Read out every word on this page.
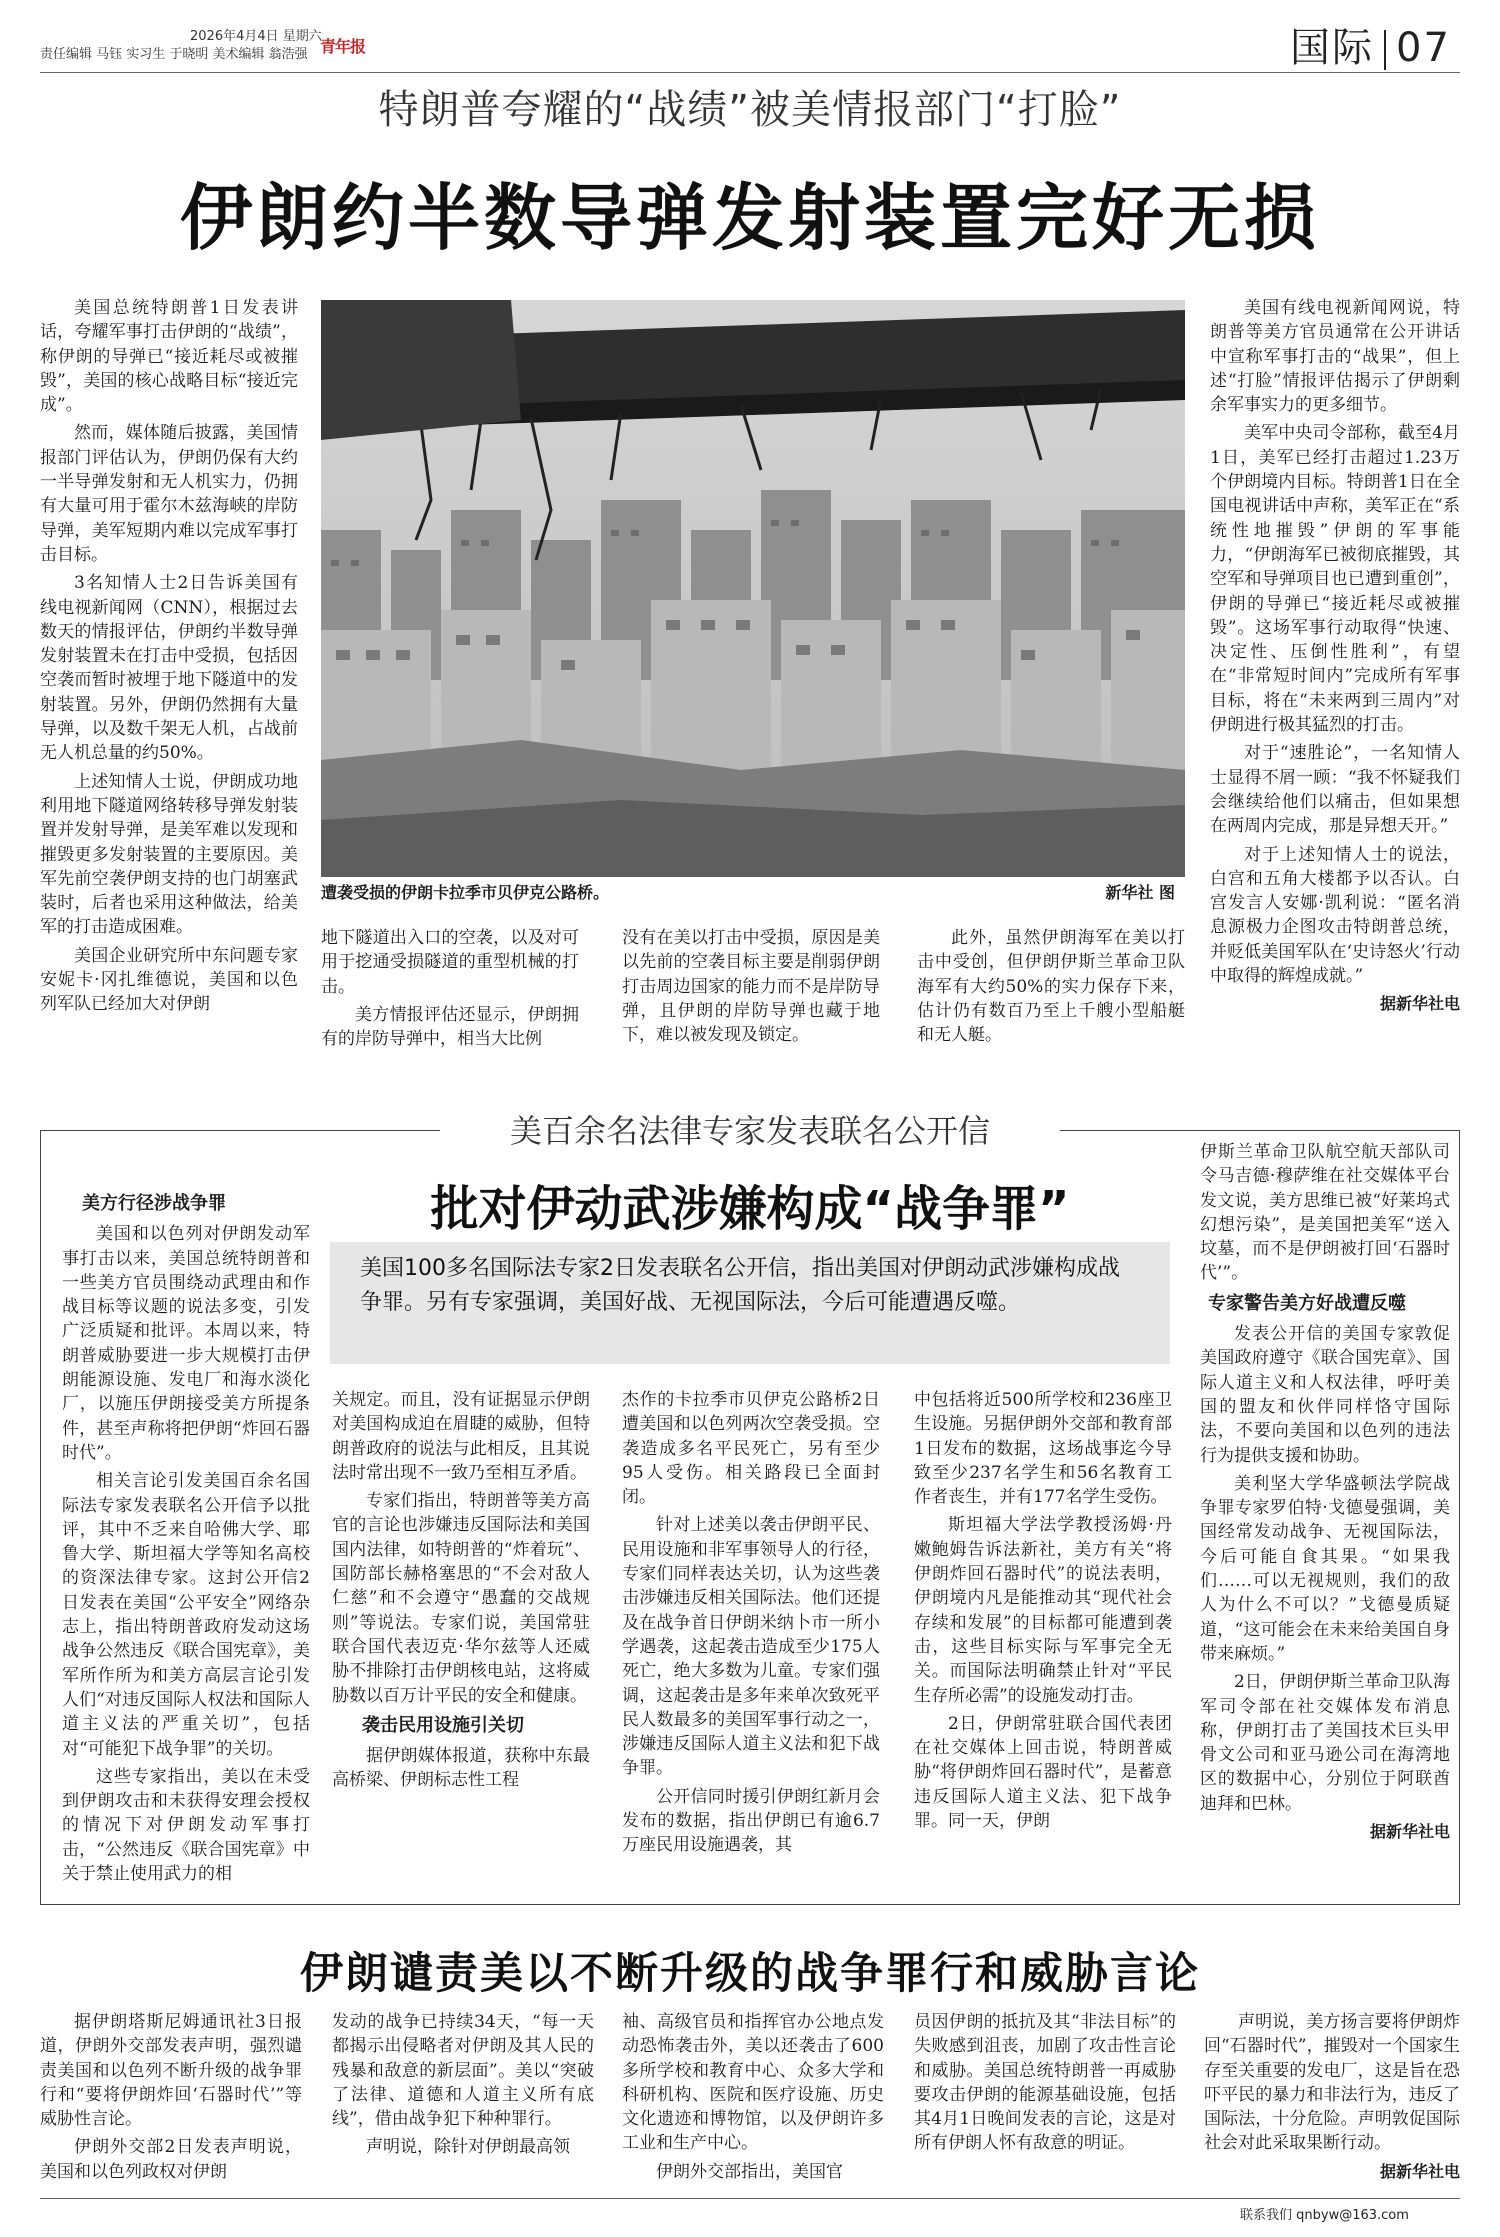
2026年4月4日 星期六
责任编辑 马钰 实习生 于晓明 美术编辑 翁浩强 青年报	国际 07
特朗普夸耀的“战绩”被美情报部门“打脸”
伊朗约半数导弹发射装置完好无损

美国总统特朗普1日发表讲话，夸耀军事打击伊朗的“战绩”，称伊朗的导弹已“接近耗尽或被摧毁”，美国的核心战略目标“接近完成”。

然而，媒体随后披露，美国情报部门评估认为，伊朗仍保有大约一半导弹发射和无人机实力，仍拥有大量可用于霍尔木兹海峡的岸防导弹，美军短期内难以完成军事打击目标。

3名知情人士2日告诉美国有线电视新闻网（CNN），根据过去数天的情报评估，伊朗约半数导弹发射装置未在打击中受损，包括因空袭而暂时被埋于地下隧道中的发射装置。另外，伊朗仍然拥有大量导弹，以及数千架无人机，占战前无人机总量的约50%。

上述知情人士说，伊朗成功地利用地下隧道网络转移导弹发射装置并发射导弹，是美军难以发现和摧毁更多发射装置的主要原因。美军先前空袭伊朗支持的也门胡塞武装时，后者也采用这种做法，给美军的打击造成困难。

美国企业研究所中东问题专家安妮卡·冈扎维德说，美国和以色列军队已经加大对伊朗

遭袭受损的伊朗卡拉季市贝伊克公路桥。	新华社 图

地下隧道出入口的空袭，以及对可用于挖通受损隧道的重型机械的打击。

美方情报评估还显示，伊朗拥有的岸防导弹中，相当大比例

没有在美以打击中受损，原因是美以先前的空袭目标主要是削弱伊朗打击周边国家的能力而不是岸防导弹，且伊朗的岸防导弹也藏于地下，难以被发现及锁定。

此外，虽然伊朗海军在美以打击中受创，但伊朗伊斯兰革命卫队海军有大约50%的实力保存下来，估计仍有数百乃至上千艘小型船艇和无人艇。

美国有线电视新闻网说，特朗普等美方官员通常在公开讲话中宣称军事打击的“战果”，但上述“打脸”情报评估揭示了伊朗剩余军事实力的更多细节。

美军中央司令部称，截至4月1日，美军已经打击超过1.23万个伊朗境内目标。特朗普1日在全国电视讲话中声称，美军正在“系统性地摧毁”伊朗的军事能力，“伊朗海军已被彻底摧毁，其空军和导弹项目也已遭到重创”，伊朗的导弹已“接近耗尽或被摧毁”。这场军事行动取得“快速、决定性、压倒性胜利”，有望在“非常短时间内”完成所有军事目标，将在“未来两到三周内”对伊朗进行极其猛烈的打击。

对于“速胜论”，一名知情人士显得不屑一顾：“我不怀疑我们会继续给他们以痛击，但如果想在两周内完成，那是异想天开。”

对于上述知情人士的说法，白宫和五角大楼都予以否认。白宫发言人安娜·凯利说：“匿名消息源极力企图攻击特朗普总统，并贬低美国军队在‘史诗怒火’行动中取得的辉煌成就。”

据新华社电
美百余名法律专家发表联名公开信
批对伊动武涉嫌构成“战争罪”
美国100多名国际法专家2日发表联名公开信，指出美国对伊朗动武涉嫌构成战争罪。另有专家强调，美国好战、无视国际法，今后可能遭遇反噬。

美方行径涉战争罪

美国和以色列对伊朗发动军事打击以来，美国总统特朗普和一些美方官员围绕动武理由和作战目标等议题的说法多变，引发广泛质疑和批评。本周以来，特朗普威胁要进一步大规模打击伊朗能源设施、发电厂和海水淡化厂，以施压伊朗接受美方所提条件，甚至声称将把伊朗“炸回石器时代”。

相关言论引发美国百余名国际法专家发表联名公开信予以批评，其中不乏来自哈佛大学、耶鲁大学、斯坦福大学等知名高校的资深法律专家。这封公开信2日发表在美国“公平安全”网络杂志上，指出特朗普政府发动这场战争公然违反《联合国宪章》，美军所作所为和美方高层言论引发人们“对违反国际人权法和国际人道主义法的严重关切”，包括对“可能犯下战争罪”的关切。

这些专家指出，美以在未受到伊朗攻击和未获得安理会授权的情况下对伊朗发动军事打击，“公然违反《联合国宪章》中关于禁止使用武力的相

关规定。而且，没有证据显示伊朗对美国构成迫在眉睫的威胁，但特朗普政府的说法与此相反，且其说法时常出现不一致乃至相互矛盾。

专家们指出，特朗普等美方高官的言论也涉嫌违反国际法和美国国内法律，如特朗普的“炸着玩”、国防部长赫格塞思的“不会对敌人仁慈”和不会遵守“愚蠢的交战规则”等说法。专家们说，美国常驻联合国代表迈克·华尔兹等人还威胁不排除打击伊朗核电站，这将威胁数以百万计平民的安全和健康。

袭击民用设施引关切

据伊朗媒体报道，获称中东最高桥梁、伊朗标志性工程

杰作的卡拉季市贝伊克公路桥2日遭美国和以色列两次空袭受损。空袭造成多名平民死亡，另有至少95人受伤。相关路段已全面封闭。

针对上述美以袭击伊朗平民、民用设施和非军事领导人的行径，专家们同样表达关切，认为这些袭击涉嫌违反相关国际法。他们还提及在战争首日伊朗米纳卜市一所小学遇袭，这起袭击造成至少175人死亡，绝大多数为儿童。专家们强调，这起袭击是多年来单次致死平民人数最多的美国军事行动之一，涉嫌违反国际人道主义法和犯下战争罪。

公开信同时援引伊朗红新月会发布的数据，指出伊朗已有逾6.7万座民用设施遇袭，其

中包括将近500所学校和236座卫生设施。另据伊朗外交部和教育部1日发布的数据，这场战事迄今导致至少237名学生和56名教育工作者丧生，并有177名学生受伤。

斯坦福大学法学教授汤姆·丹嫩鲍姆告诉法新社，美方有关“将伊朗炸回石器时代”的说法表明，伊朗境内凡是能推动其“现代社会存续和发展”的目标都可能遭到袭击，这些目标实际与军事完全无关。而国际法明确禁止针对“平民生存所必需”的设施发动打击。

2日，伊朗常驻联合国代表团在社交媒体上回击说，特朗普威胁“将伊朗炸回石器时代”，是蓄意违反国际人道主义法、犯下战争罪。同一天，伊朗

伊斯兰革命卫队航空航天部队司令马吉德·穆萨维在社交媒体平台发文说，美方思维已被“好莱坞式幻想污染”，是美国把美军“送入坟墓，而不是伊朗被打回‘石器时代’”。

专家警告美方好战遭反噬

发表公开信的美国专家敦促美国政府遵守《联合国宪章》、国际人道主义和人权法律，呼吁美国的盟友和伙伴同样恪守国际法，不要向美国和以色列的违法行为提供支援和协助。

美利坚大学华盛顿法学院战争罪专家罗伯特·戈德曼强调，美国经常发动战争、无视国际法，今后可能自食其果。“如果我们……可以无视规则，我们的敌人为什么不可以？”戈德曼质疑道，“这可能会在未来给美国自身带来麻烦。”

2日，伊朗伊斯兰革命卫队海军司令部在社交媒体发布消息称，伊朗打击了美国技术巨头甲骨文公司和亚马逊公司在海湾地区的数据中心，分别位于阿联酋迪拜和巴林。

据新华社电
伊朗谴责美以不断升级的战争罪行和威胁言论

据伊朗塔斯尼姆通讯社3日报道，伊朗外交部发表声明，强烈谴责美国和以色列不断升级的战争罪行和“要将伊朗炸回‘石器时代’”等威胁性言论。

伊朗外交部2日发表声明说，美国和以色列政权对伊朗

发动的战争已持续34天，“每一天都揭示出侵略者对伊朗及其人民的残暴和敌意的新层面”。美以“突破了法律、道德和人道主义所有底线”，借由战争犯下种种罪行。

声明说，除针对伊朗最高领

袖、高级官员和指挥官办公地点发动恐怖袭击外，美以还袭击了600多所学校和教育中心、众多大学和科研机构、医院和医疗设施、历史文化遗迹和博物馆，以及伊朗许多工业和生产中心。

伊朗外交部指出，美国官

员因伊朗的抵抗及其“非法目标”的失败感到沮丧，加剧了攻击性言论和威胁。美国总统特朗普一再威胁要攻击伊朗的能源基础设施，包括其4月1日晚间发表的言论，这是对所有伊朗人怀有敌意的明证。

声明说，美方扬言要将伊朗炸回“石器时代”，摧毁对一个国家生存至关重要的发电厂，这是旨在恐吓平民的暴力和非法行为，违反了国际法，十分危险。声明敦促国际社会对此采取果断行动。

据新华社电
联系我们 qnbyw@163.com
